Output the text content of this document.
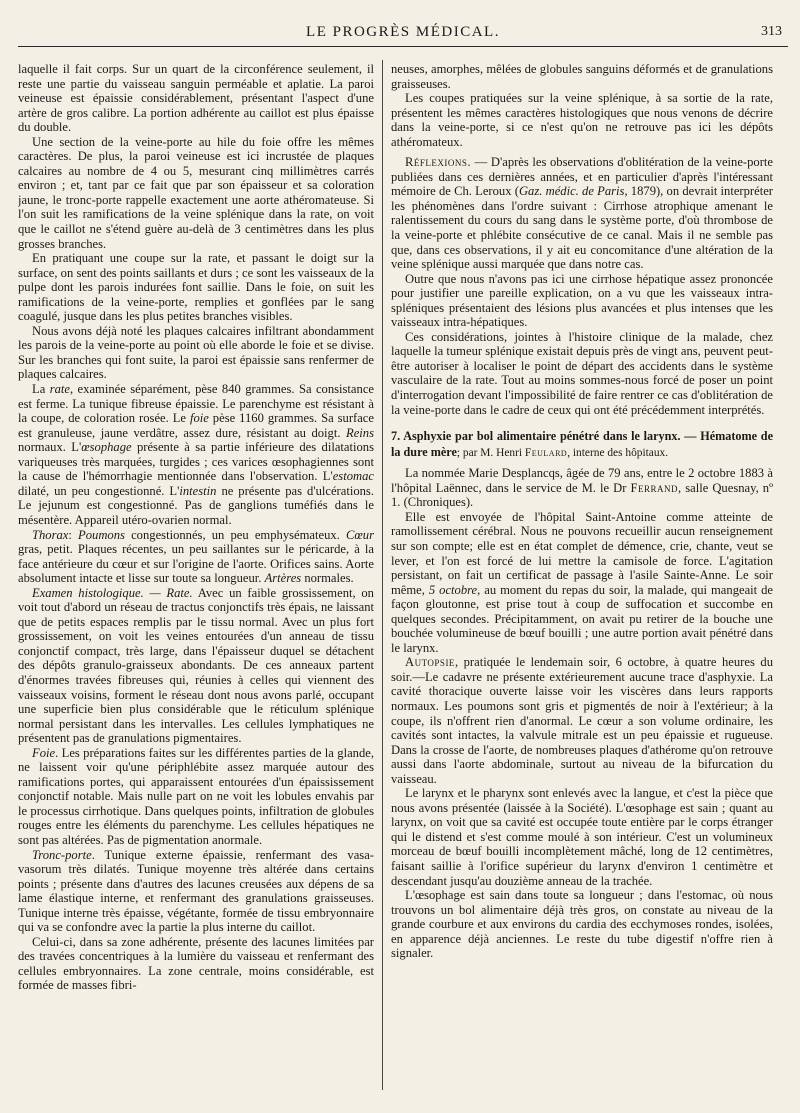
LE PROGRÈS MÉDICAL.	313

laquelle il fait corps. Sur un quart de la circonférence seulement, il reste une partie du vaisseau sanguin perméable et aplatie. La paroi veineuse est épaissie considérablement, présentant l'aspect d'une artère de gros calibre. La portion adhérente au caillot est plus épaisse du double.

Une section de la veine-porte au hile du foie offre les mêmes caractères. De plus, la paroi veineuse est ici incrustée de plaques calcaires au nombre de 4 ou 5, mesurant cinq millimètres carrés environ ; et, tant par ce fait que par son épaisseur et sa coloration jaune, le tronc-porte rappelle exactement une aorte athéromateuse. Si l'on suit les ramifications de la veine splénique dans la rate, on voit que le caillot ne s'étend guère au-delà de 3 centimètres dans les plus grosses branches.

En pratiquant une coupe sur la rate, et passant le doigt sur la surface, on sent des points saillants et durs ; ce sont les vaisseaux de la pulpe dont les parois indurées font saillie. Dans le foie, on suit les ramifications de la veine-porte, remplies et gonflées par le sang coagulé, jusque dans les plus petites branches visibles.

Nous avons déjà noté les plaques calcaires infiltrant abondamment les parois de la veine-porte au point où elle aborde le foie et se divise. Sur les branches qui font suite, la paroi est épaissie sans renfermer de plaques calcaires.

La rate, examinée séparément, pèse 840 grammes. Sa consistance est ferme. La tunique fibreuse épaissie. Le parenchyme est résistant à la coupe, de coloration rosée. Le foie pèse 1160 grammes. Sa surface est granuleuse, jaune verdâtre, assez dure, résistant au doigt. Reins normaux. L'œsophage présente à sa partie inférieure des dilatations variqueuses très marquées, turgides ; ces varices œsophagiennes sont la cause de l'hémorrhagie mentionnée dans l'observation. L'estomac dilaté, un peu congestionné. L'intestin ne présente pas d'ulcérations. Le jejunum est congestionné. Pas de ganglions tuméfiés dans le mésentère. Appareil utéro-ovarien normal.

Thorax: Poumons congestionnés, un peu emphysémateux. Cœur gras, petit. Plaques récentes, un peu saillantes sur le péricarde, à la face antérieure du cœur et sur l'origine de l'aorte. Orifices sains. Aorte absolument intacte et lisse sur toute sa longueur. Artères normales.

Examen histologique. — Rate. Avec un faible grossissement, on voit tout d'abord un réseau de tractus conjonctifs très épais, ne laissant que de petits espaces remplis par le tissu normal. Avec un plus fort grossissement, on voit les veines entourées d'un anneau de tissu conjonctif compact, très large, dans l'épaisseur duquel se détachent des dépôts granulo-graisseux abondants. De ces anneaux partent d'énormes travées fibreuses qui, réunies à celles qui viennent des vaisseaux voisins, forment le réseau dont nous avons parlé, occupant une superficie bien plus considérable que le réticulum splénique normal persistant dans les intervalles. Les cellules lymphatiques ne présentent pas de granulations pigmentaires.

Foie. Les préparations faites sur les différentes parties de la glande, ne laissent voir qu'une périphlébite assez marquée autour des ramifications portes, qui apparaissent entourées d'un épaississement conjonctif notable. Mais nulle part on ne voit les lobules envahis par le processus cirrhotique. Dans quelques points, infiltration de globules rouges entre les éléments du parenchyme. Les cellules hépatiques ne sont pas altérées. Pas de pigmentation anormale.

Tronc-porte. Tunique externe épaissie, renfermant des vasa-vasorum très dilatés. Tunique moyenne très altérée dans certains points ; présente dans d'autres des lacunes creusées aux dépens de sa lame élastique interne, et renfermant des granulations graisseuses. Tunique interne très épaisse, végétante, formée de tissu embryonnaire qui va se confondre avec la partie la plus interne du caillot.

Celui-ci, dans sa zone adhérente, présente des lacunes limitées par des travées concentriques à la lumière du vaisseau et renfermant des cellules embryonnaires. La zone centrale, moins considérable, est formée de masses fibri-

neuses, amorphes, mêlées de globules sanguins déformés et de granulations graisseuses.

Les coupes pratiquées sur la veine splénique, à sa sortie de la rate, présentent les mêmes caractères histologiques que nous venons de décrire dans la veine-porte, si ce n'est qu'on ne retrouve pas ici les dépôts athéromateux.

Réflexions. — D'après les observations d'oblitération de la veine-porte publiées dans ces dernières années, et en particulier d'après l'intéressant mémoire de Ch. Leroux (Gaz. médic. de Paris, 1879), on devrait interpréter les phénomènes dans l'ordre suivant : Cirrhose atrophique amenant le ralentissement du cours du sang dans le système porte, d'où thrombose de la veine-porte et phlébite consécutive de ce canal. Mais il ne semble pas que, dans ces observations, il y ait eu concomitance d'une altération de la veine splénique aussi marquée que dans notre cas.

Outre que nous n'avons pas ici une cirrhose hépatique assez prononcée pour justifier une pareille explication, on a vu que les vaisseaux intra-spléniques présentaient des lésions plus avancées et plus intenses que les vaisseaux intra-hépatiques.

Ces considérations, jointes à l'histoire clinique de la malade, chez laquelle la tumeur splénique existait depuis près de vingt ans, peuvent peut-être autoriser à localiser le point de départ des accidents dans le système vasculaire de la rate. Tout au moins sommes-nous forcé de poser un point d'interrogation devant l'impossibilité de faire rentrer ce cas d'oblitération de la veine-porte dans le cadre de ceux qui ont été précédemment interprétés.

7. Asphyxie par bol alimentaire pénétré dans le larynx. — Hématome de la dure mère; par M. Henri Feulard, interne des hôpitaux.

La nommée Marie Desplancqs, âgée de 79 ans, entre le 2 octobre 1883 à l'hôpital Laënnec, dans le service de M. le Dr Ferrand, salle Quesnay, nº 1. (Chroniques).

Elle est envoyée de l'hôpital Saint-Antoine comme atteinte de ramollissement cérébral. Nous ne pouvons recueillir aucun renseignement sur son compte; elle est en état complet de démence, crie, chante, veut se lever, et l'on est forcé de lui mettre la camisole de force. L'agitation persistant, on fait un certificat de passage à l'asile Sainte-Anne. Le soir même, 5 octobre, au moment du repas du soir, la malade, qui mangeait de façon gloutonne, est prise tout à coup de suffocation et succombe en quelques secondes. Précipitamment, on avait pu retirer de la bouche une bouchée volumineuse de bœuf bouilli ; une autre portion avait pénétré dans le larynx.

Autopsie, pratiquée le lendemain soir, 6 octobre, à quatre heures du soir.—Le cadavre ne présente extérieurement aucune trace d'asphyxie. La cavité thoracique ouverte laisse voir les viscères dans leurs rapports normaux. Les poumons sont gris et pigmentés de noir à l'extérieur; à la coupe, ils n'offrent rien d'anormal. Le cœur a son volume ordinaire, les cavités sont intactes, la valvule mitrale est un peu épaissie et rugueuse. Dans la crosse de l'aorte, de nombreuses plaques d'athérome qu'on retrouve aussi dans l'aorte abdominale, surtout au niveau de la bifurcation du vaisseau.

Le larynx et le pharynx sont enlevés avec la langue, et c'est la pièce que nous avons présentée (laissée à la Société). L'œsophage est sain ; quant au larynx, on voit que sa cavité est occupée toute entière par le corps étranger qui le distend et s'est comme moulé à son intérieur. C'est un volumineux morceau de bœuf bouilli incomplètement mâché, long de 12 centimètres, faisant saillie à l'orifice supérieur du larynx d'environ 1 centimètre et descendant jusqu'au douzième anneau de la trachée.

L'œsophage est sain dans toute sa longueur ; dans l'estomac, où nous trouvons un bol alimentaire déjà très gros, on constate au niveau de la grande courbure et aux environs du cardia des ecchymoses rondes, isolées, en apparence déjà anciennes. Le reste du tube digestif n'offre rien à signaler.
